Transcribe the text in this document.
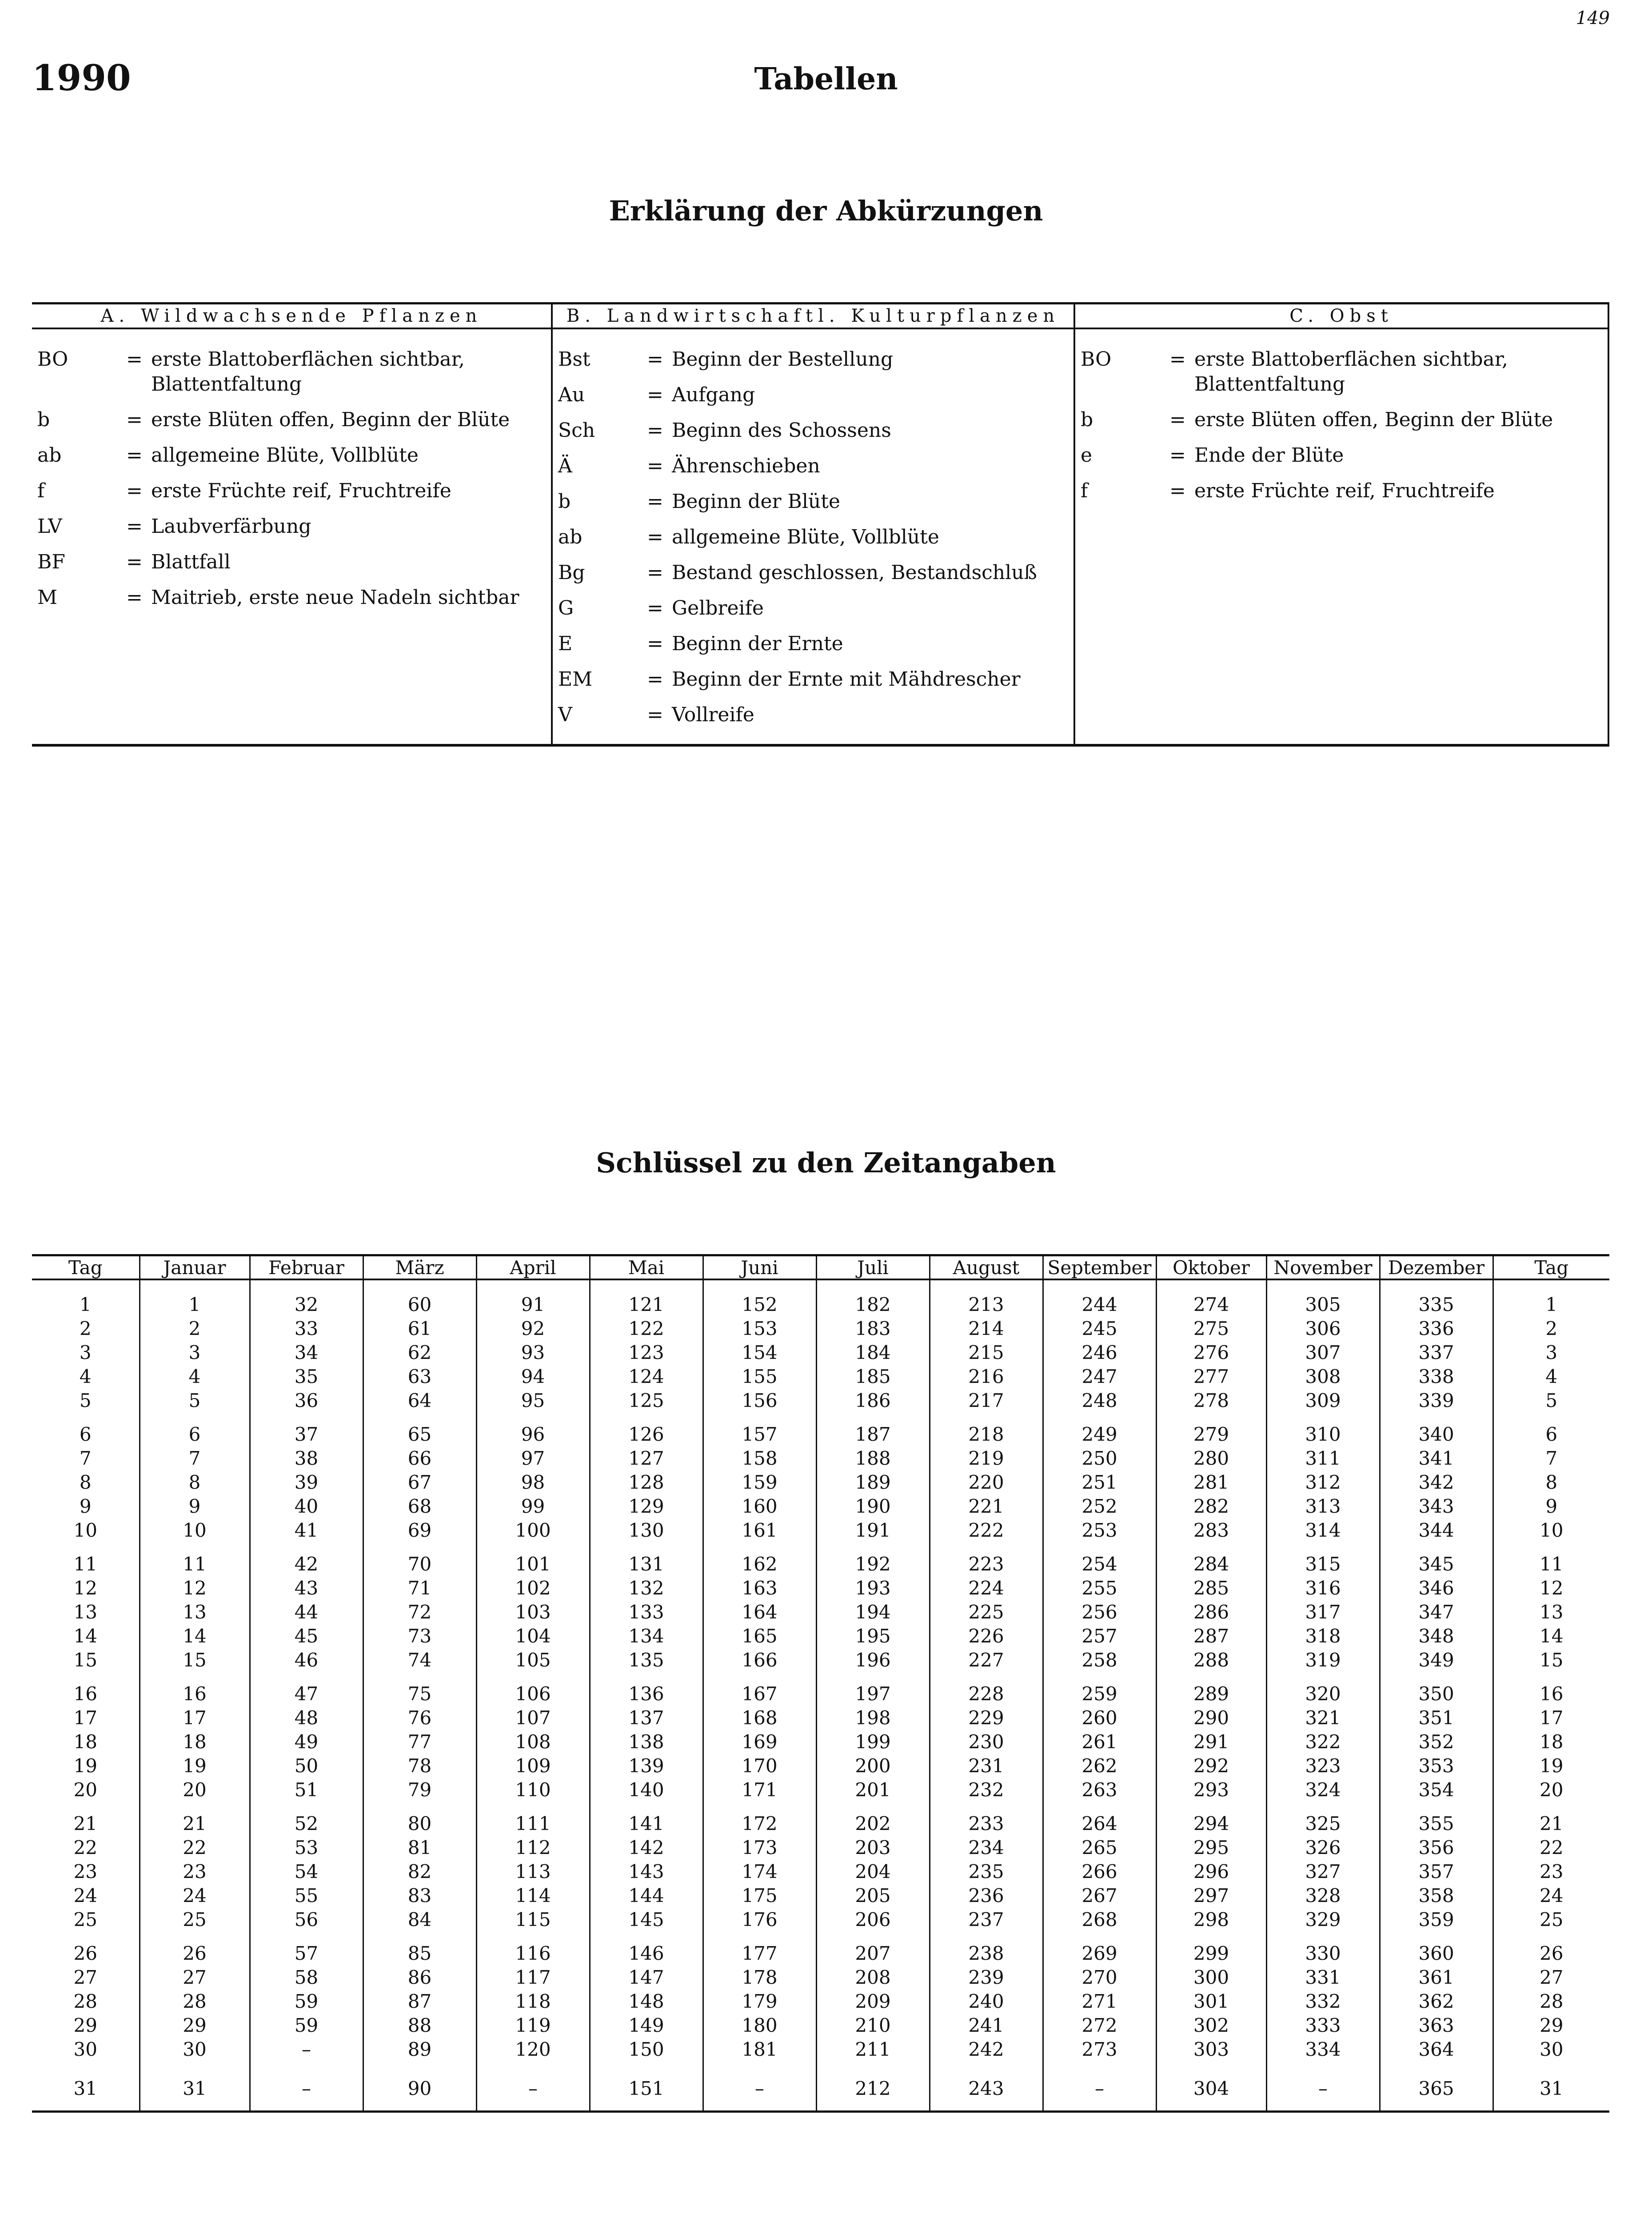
149
1990	Tabellen
Erklärung der Abkürzungen
A. Wildwachsende Pflanzen
BO	= erste Blattoberflächen sichtbar, Blattentfaltung
b	= erste Blüten offen, Beginn der Blüte
ab	= allgemeine Blüte, Vollblüte
f	= erste Früchte reif, Fruchtreife
LV	= Laubverfärbung
BF	= Blattfall
M	= Maitrieb, erste neue Nadeln sichtbar
B. Landwirtschaftl. Kulturpflanzen
Bst	= Beginn der Bestellung
Au	= Aufgang
Sch	= Beginn des Schossens
Ä	= Ährenschieben
b	= Beginn der Blüte
ab	= allgemeine Blüte, Vollblüte
Bg	= Bestand geschlossen, Bestandschluß
G	= Gelbreife
E	= Beginn der Ernte
EM	= Beginn der Ernte mit Mähdrescher
V	= Vollreife
C. Obst
BO	= erste Blattoberflächen sichtbar, Blattentfaltung
b	= erste Blüten offen, Beginn der Blüte
e	= Ende der Blüte
f	= erste Früchte reif, Fruchtreife
Schlüssel zu den Zeitangaben
Tag	Januar	Februar	März	April	Mai	Juni	Juli	August	September	Oktober	November	Dezember	Tag
1	1	32	60	91	121	152	182	213	244	274	305	335	1
2	2	33	61	92	122	153	183	214	245	275	306	336	2
3	3	34	62	93	123	154	184	215	246	276	307	337	3
4	4	35	63	94	124	155	185	216	247	277	308	338	4
5	5	36	64	95	125	156	186	217	248	278	309	339	5
6	6	37	65	96	126	157	187	218	249	279	310	340	6
7	7	38	66	97	127	158	188	219	250	280	311	341	7
8	8	39	67	98	128	159	189	220	251	281	312	342	8
9	9	40	68	99	129	160	190	221	252	282	313	343	9
10	10	41	69	100	130	161	191	222	253	283	314	344	10
11	11	42	70	101	131	162	192	223	254	284	315	345	11
12	12	43	71	102	132	163	193	224	255	285	316	346	12
13	13	44	72	103	133	164	194	225	256	286	317	347	13
14	14	45	73	104	134	165	195	226	257	287	318	348	14
15	15	46	74	105	135	166	196	227	258	288	319	349	15
16	16	47	75	106	136	167	197	228	259	289	320	350	16
17	17	48	76	107	137	168	198	229	260	290	321	351	17
18	18	49	77	108	138	169	199	230	261	291	322	352	18
19	19	50	78	109	139	170	200	231	262	292	323	353	19
20	20	51	79	110	140	171	201	232	263	293	324	354	20
21	21	52	80	111	141	172	202	233	264	294	325	355	21
22	22	53	81	112	142	173	203	234	265	295	326	356	22
23	23	54	82	113	143	174	204	235	266	296	327	357	23
24	24	55	83	114	144	175	205	236	267	297	328	358	24
25	25	56	84	115	145	176	206	237	268	298	329	359	25
26	26	57	85	116	146	177	207	238	269	299	330	360	26
27	27	58	86	117	147	178	208	239	270	300	331	361	27
28	28	59	87	118	148	179	209	240	271	301	332	362	28
29	29	59	88	119	149	180	210	241	272	302	333	363	29
30	30	–	89	120	150	181	211	242	273	303	334	364	30
31	31	–	90	–	151	–	212	243	–	304	–	365	31
